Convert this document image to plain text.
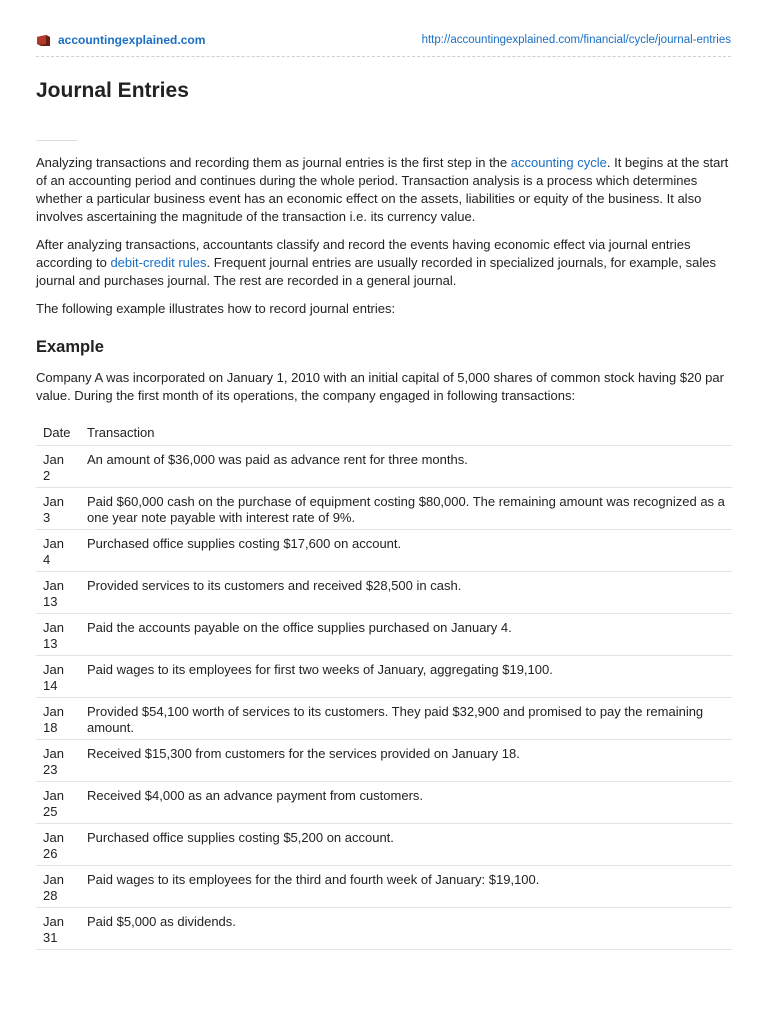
accountingexplained.com	http://accountingexplained.com/financial/cycle/journal-entries
Journal Entries

Analyzing transactions and recording them as journal entries is the first step in the accounting cycle. It begins at the start of an accounting period and continues during the whole period. Transaction analysis is a process which determines whether a particular business event has an economic effect on the assets, liabilities or equity of the business. It also involves ascertaining the magnitude of the transaction i.e. its currency value.

After analyzing transactions, accountants classify and record the events having economic effect via journal entries according to debit-credit rules. Frequent journal entries are usually recorded in specialized journals, for example, sales journal and purchases journal. The rest are recorded in a general journal.

The following example illustrates how to record journal entries:

Example

Company A was incorporated on January 1, 2010 with an initial capital of 5,000 shares of common stock having $20 par value. During the first month of its operations, the company engaged in following transactions:

Date	Transaction
Jan
2	An amount of $36,000 was paid as advance rent for three months.
Jan
3	Paid $60,000 cash on the purchase of equipment costing $80,000. The remaining amount was recognized as a one year note payable with interest rate of 9%.
Jan
4	Purchased office supplies costing $17,600 on account.
Jan
13	Provided services to its customers and received $28,500 in cash.
Jan
13	Paid the accounts payable on the office supplies purchased on January 4.
Jan
14	Paid wages to its employees for first two weeks of January, aggregating $19,100.
Jan
18	Provided $54,100 worth of services to its customers. They paid $32,900 and promised to pay the remaining amount.
Jan
23	Received $15,300 from customers for the services provided on January 18.
Jan
25	Received $4,000 as an advance payment from customers.
Jan
26	Purchased office supplies costing $5,200 on account.
Jan
28	Paid wages to its employees for the third and fourth week of January: $19,100.
Jan
31	Paid $5,000 as dividends.
